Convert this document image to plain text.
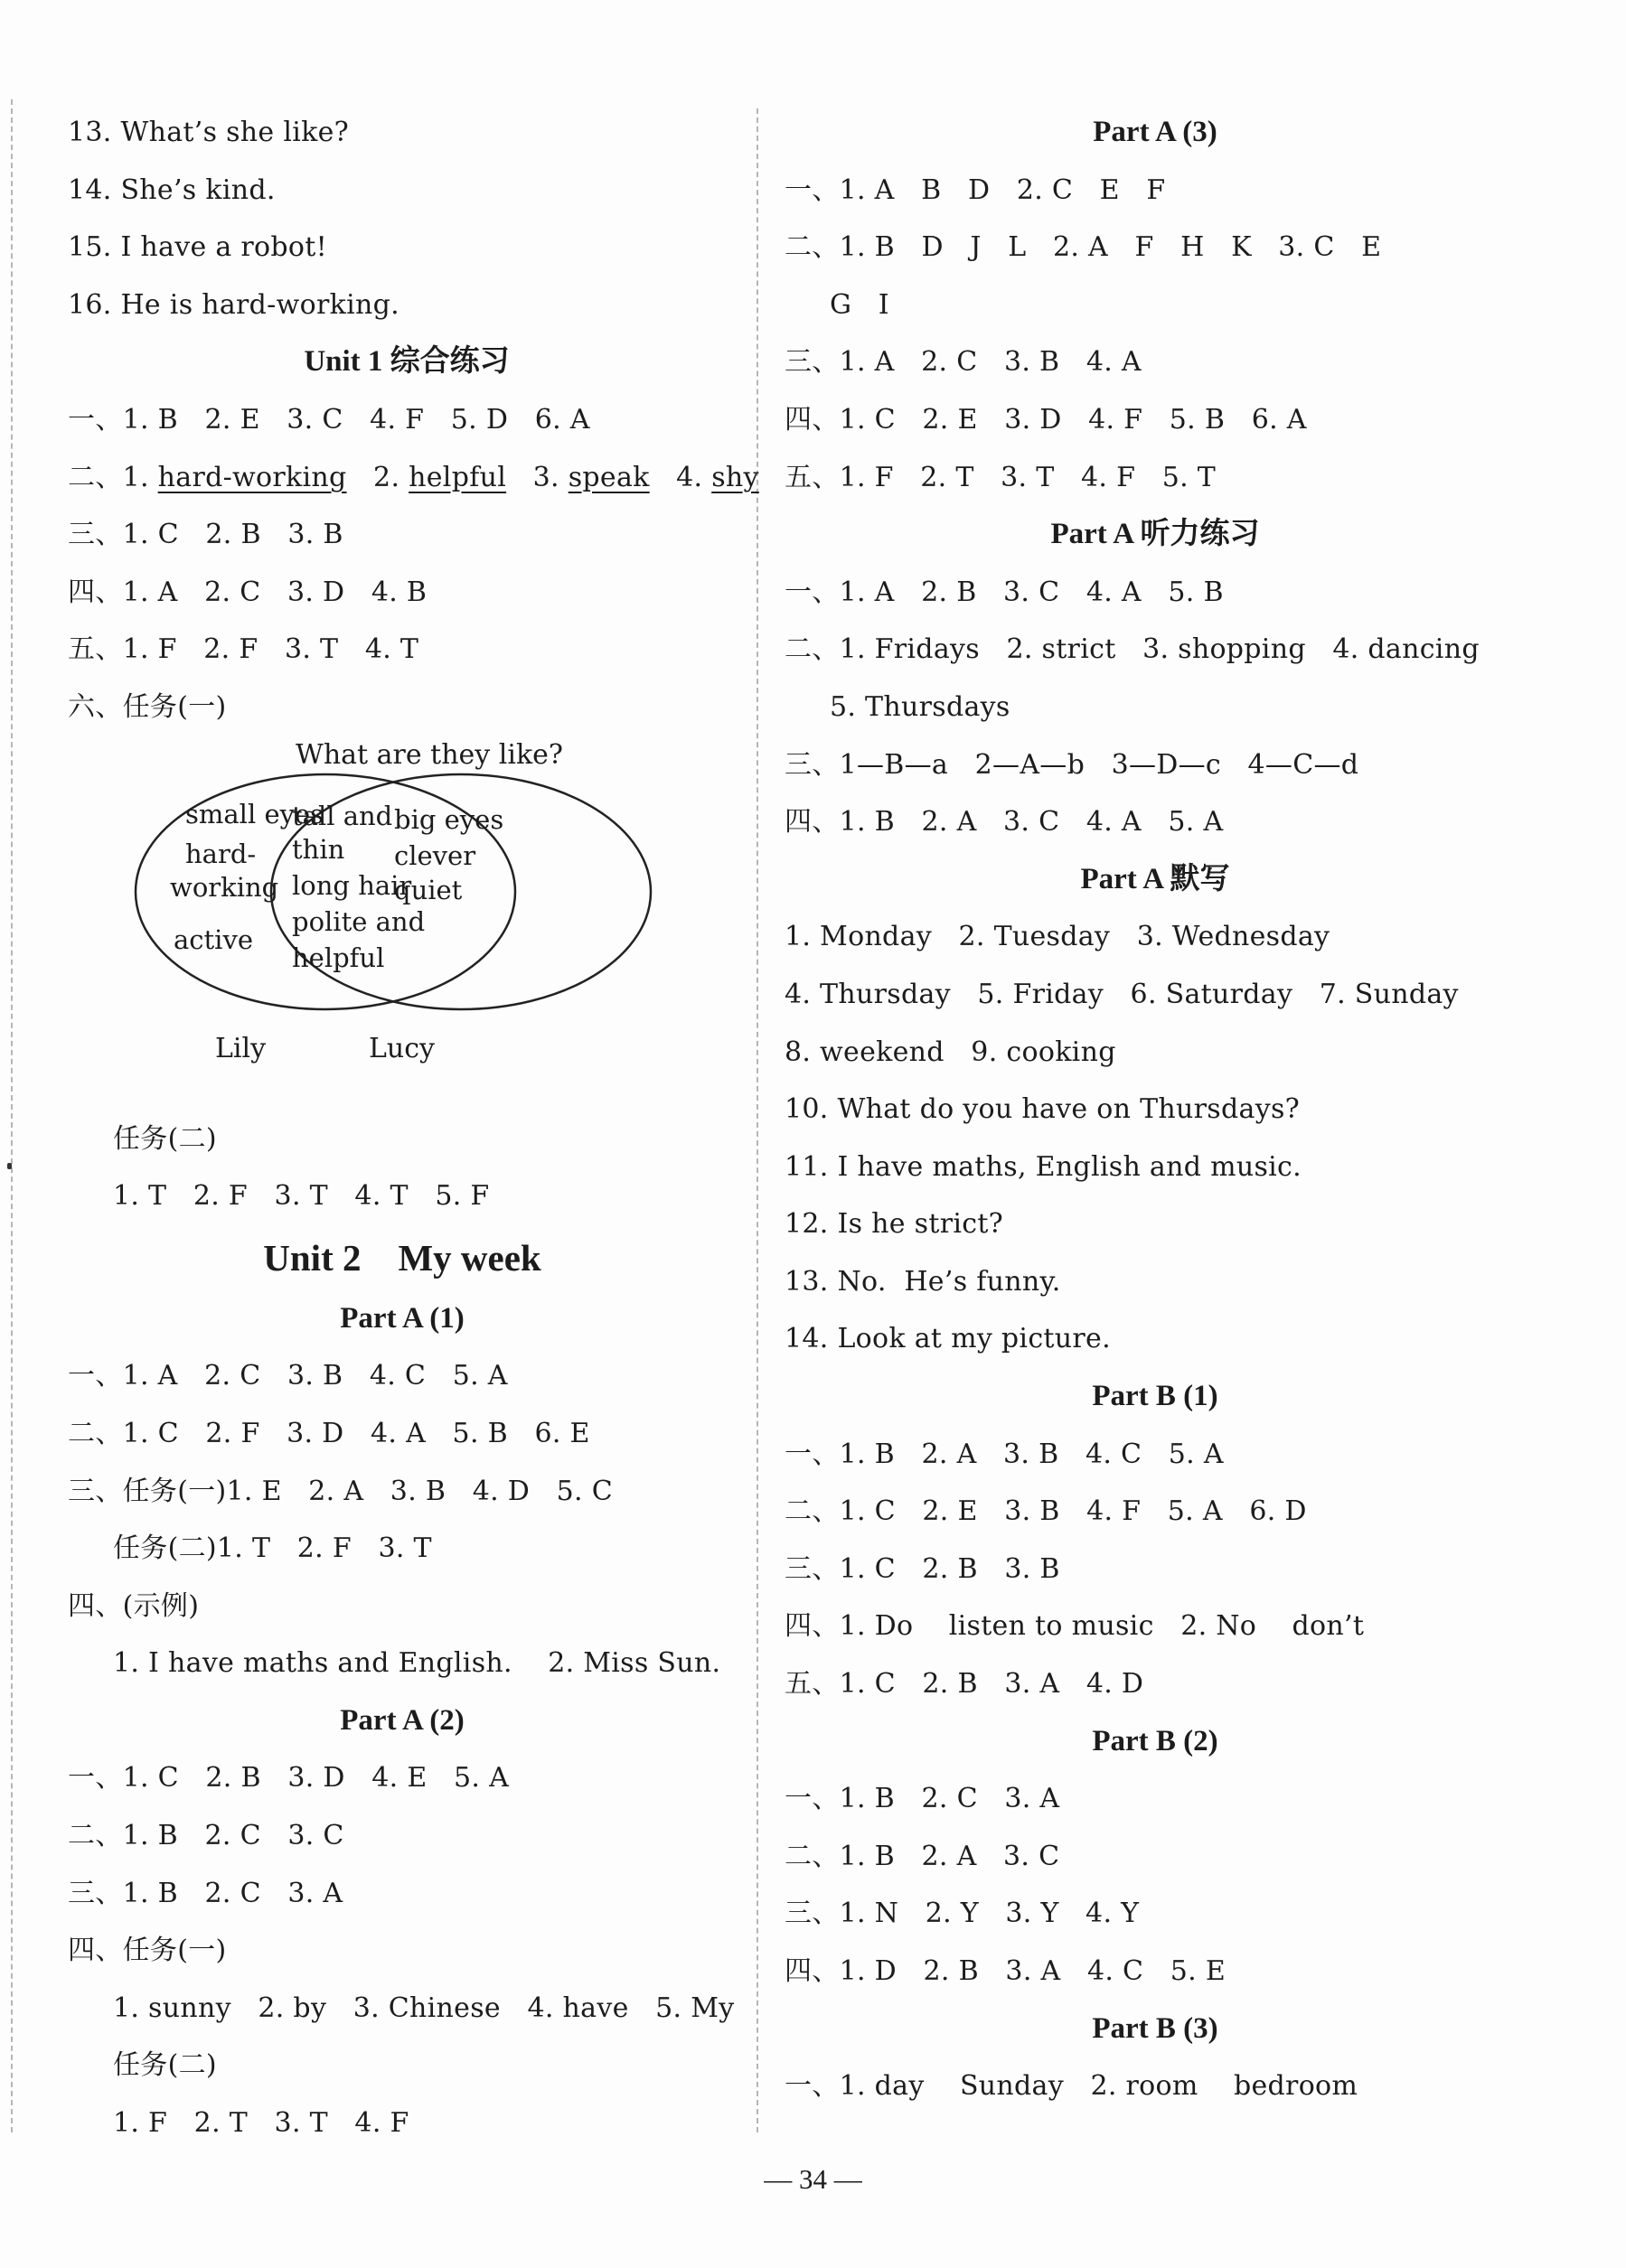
13. What’s she like?
14. She’s kind.
15. I have a robot!
16. He is hard-working.
Unit 1 综合练习
一、1. B   2. E   3. C   4. F   5. D   6. A
二、1. hard-working   2. helpful   3. speak   4. shy
三、1. C   2. B   3. B
四、1. A   2. C   3. D   4. B
五、1. F   2. F   3. T   4. T
六、任务(一)
What are they like?
small eyes
hard-
working
active
tall and
thin
long hair
polite and
helpful
big eyes
clever
quiet
Lily	Lucy
任务(二)
1. T   2. F   3. T   4. T   5. F
Unit 2    My week
Part A (1)
一、1. A   2. C   3. B   4. C   5. A
二、1. C   2. F   3. D   4. A   5. B   6. E
三、任务(一)1. E   2. A   3. B   4. D   5. C
任务(二)1. T   2. F   3. T
四、(示例)
1. I have maths and English.    2. Miss Sun.
Part A (2)
一、1. C   2. B   3. D   4. E   5. A
二、1. B   2. C   3. C
三、1. B   2. C   3. A
四、任务(一)
1. sunny   2. by   3. Chinese   4. have   5. My
任务(二)
1. F   2. T   3. T   4. F
Part A (3)
一、1. A   B   D   2. C   E   F
二、1. B   D   J   L   2. A   F   H   K   3. C   E
G   I
三、1. A   2. C   3. B   4. A
四、1. C   2. E   3. D   4. F   5. B   6. A
五、1. F   2. T   3. T   4. F   5. T
Part A 听力练习
一、1. A   2. B   3. C   4. A   5. B
二、1. Fridays   2. strict   3. shopping   4. dancing
5. Thursdays
三、1—B—a   2—A—b   3—D—c   4—C—d
四、1. B   2. A   3. C   4. A   5. A
Part A 默写
1. Monday   2. Tuesday   3. Wednesday
4. Thursday   5. Friday   6. Saturday   7. Sunday
8. weekend   9. cooking
10. What do you have on Thursdays?
11. I have maths, English and music.
12. Is he strict?
13. No.  He’s funny.
14. Look at my picture.
Part B (1)
一、1. B   2. A   3. B   4. C   5. A
二、1. C   2. E   3. B   4. F   5. A   6. D
三、1. C   2. B   3. B
四、1. Do    listen to music   2. No    don’t
五、1. C   2. B   3. A   4. D
Part B (2)
一、1. B   2. C   3. A
二、1. B   2. A   3. C
三、1. N   2. Y   3. Y   4. Y
四、1. D   2. B   3. A   4. C   5. E
Part B (3)
一、1. day    Sunday   2. room    bedroom
— 34 —
